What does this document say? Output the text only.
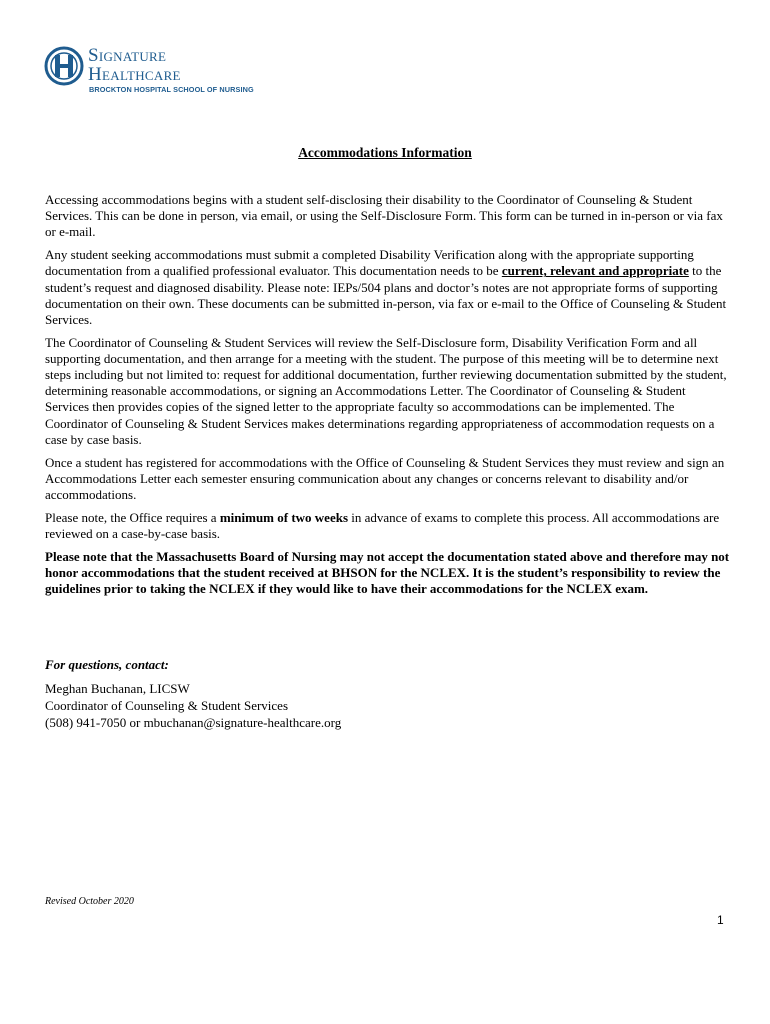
Signature
Healthcare
BROCKTON HOSPITAL SCHOOL OF NURSING
Accommodations Information

Accessing accommodations begins with a student self-disclosing their disability to the Coordinator of Counseling & Student Services. This can be done in person, via email, or using the Self-Disclosure Form. This form can be turned in in-person or via fax or e-mail.

Any student seeking accommodations must submit a completed Disability Verification along with the appropriate supporting documentation from a qualified professional evaluator. This documentation needs to be current, relevant and appropriate to the student’s request and diagnosed disability. Please note: IEPs/504 plans and doctor’s notes are not appropriate forms of supporting documentation on their own. These documents can be submitted in-person, via fax or e-mail to the Office of Counseling & Student Services.

The Coordinator of Counseling & Student Services will review the Self-Disclosure form, Disability Verification Form and all supporting documentation, and then arrange for a meeting with the student. The purpose of this meeting will be to determine next steps including but not limited to: request for additional documentation, further reviewing documentation submitted by the student, determining reasonable accommodations, or signing an Accommodations Letter. The Coordinator of Counseling & Student Services then provides copies of the signed letter to the appropriate faculty so accommodations can be implemented. The Coordinator of Counseling & Student Services makes determinations regarding appropriateness of accommodation requests on a case by case basis.

Once a student has registered for accommodations with the Office of Counseling & Student Services they must review and sign an Accommodations Letter each semester ensuring communication about any changes or concerns relevant to disability and/or accommodations.

Please note, the Office requires a minimum of two weeks in advance of exams to complete this process. All accommodations are reviewed on a case-by-case basis.

Please note that the Massachusetts Board of Nursing may not accept the documentation stated above and therefore may not honor accommodations that the student received at BHSON for the NCLEX. It is the student’s responsibility to review the guidelines prior to taking the NCLEX if they would like to have their accommodations for the NCLEX exam.

For questions, contact:
Meghan Buchanan, LICSW
Coordinator of Counseling & Student Services
(508) 941-7050 or mbuchanan@signature-healthcare.org
Revised October 2020
1
